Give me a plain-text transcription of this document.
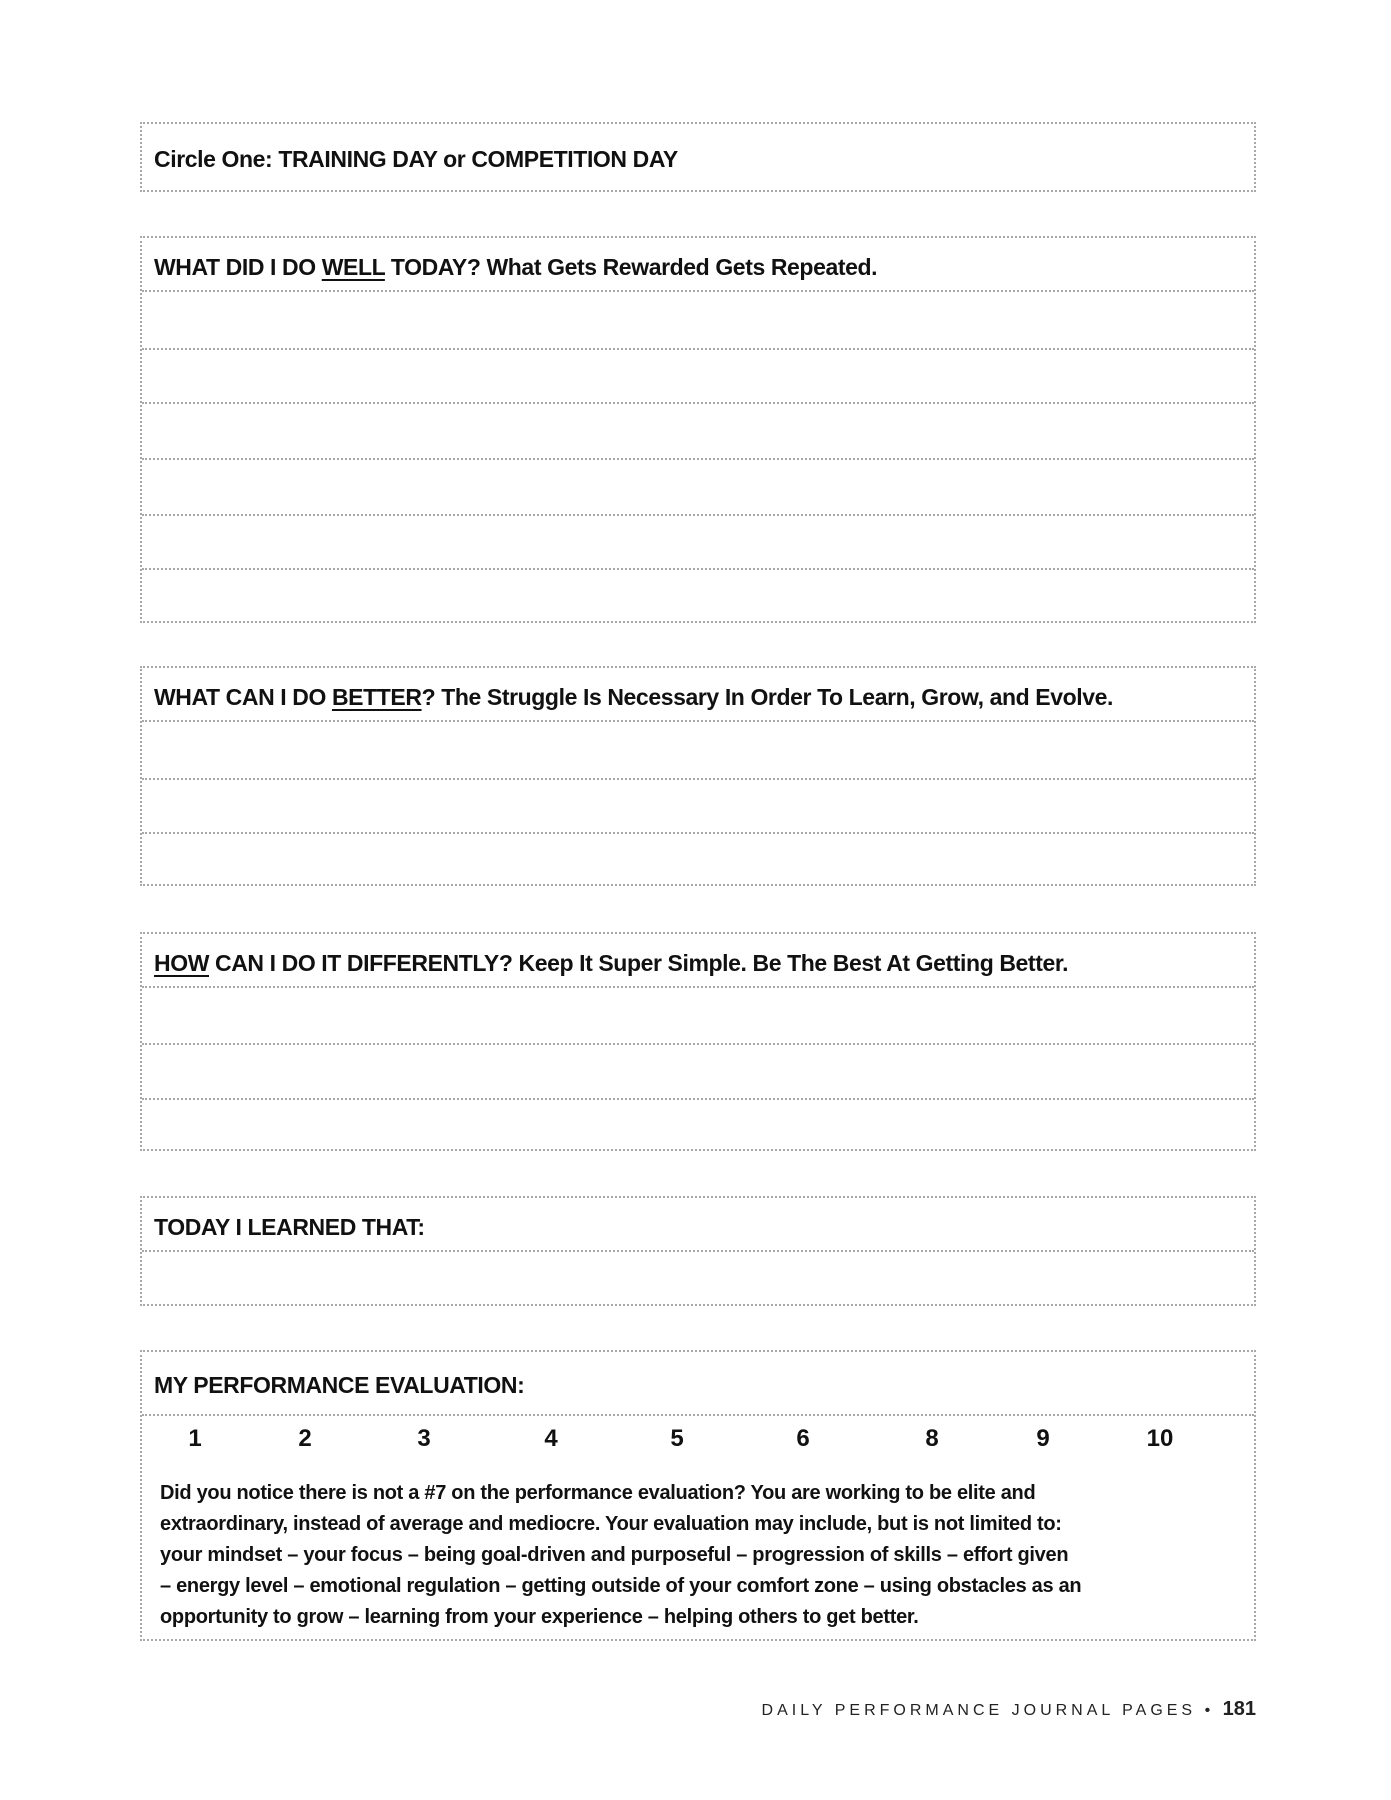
Circle One: TRAINING DAY or COMPETITION DAY
WHAT DID I DO WELL TODAY? What Gets Rewarded Gets Repeated.
WHAT CAN I DO BETTER? The Struggle Is Necessary In Order To Learn, Grow, and Evolve.
HOW CAN I DO IT DIFFERENTLY? Keep It Super Simple. Be The Best At Getting Better.
TODAY I LEARNED THAT:
MY PERFORMANCE EVALUATION:
1	2	3	4	5	6	8	9	10
Did you notice there is not a #7 on the performance evaluation? You are working to be elite and
extraordinary, instead of average and mediocre. Your evaluation may include, but is not limited to:
your mindset – your focus – being goal-driven and purposeful – progression of skills – effort given
– energy level – emotional regulation – getting outside of your comfort zone – using obstacles as an
opportunity to grow – learning from your experience – helping others to get better.
DAILY PERFORMANCE JOURNAL PAGES • 181
